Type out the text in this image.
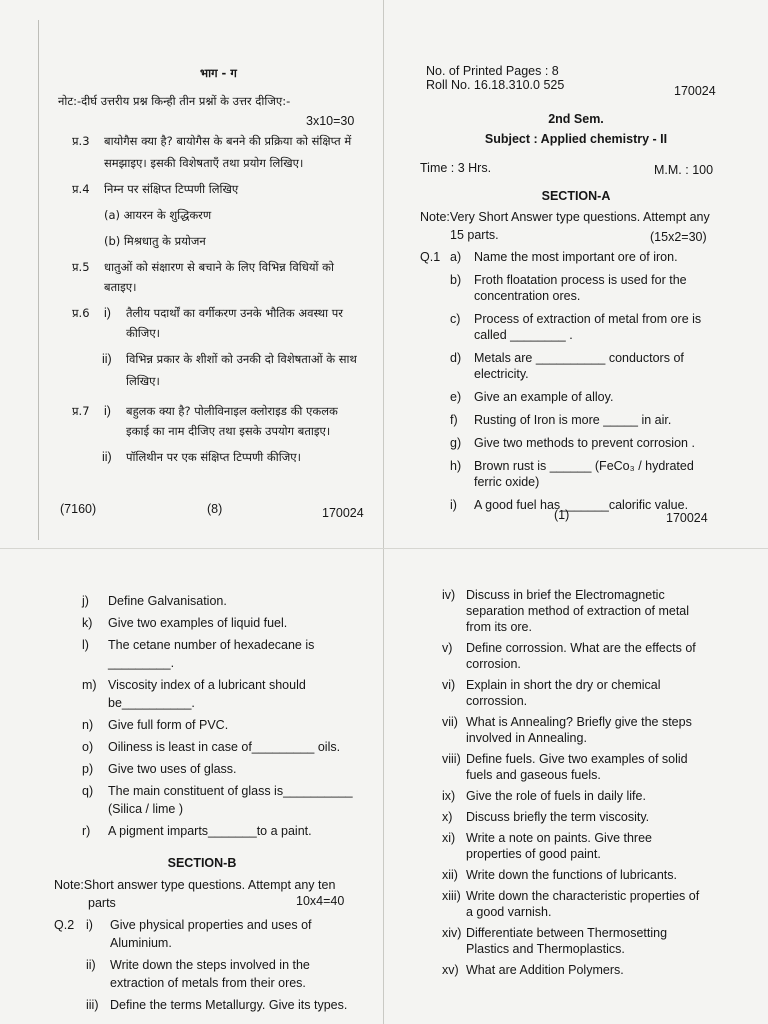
भाग - ग
नोट:-दीर्घ उत्तरीय प्रश्न किन्ही तीन प्रश्नों के उत्तर दीजिए:-
3x10=30
प्र.3 बायोगैस क्या है? बायोगैस के बनने की प्रक्रिया को संक्षिप्त में
समझाइए। इसकी विशेषताएँ तथा प्रयोग लिखिए।
प्र.4 निम्न पर संक्षिप्त टिप्पणी लिखिए
(a) आयरन के शुद्धिकरण
(b) मिश्रधातु के प्रयोजन
प्र.5 धातुओं को संक्षारण से बचाने के लिए विभिन्न विधियों को
बताइए।
प्र.6 i) तैलीय पदार्थों का वर्गीकरण उनके भौतिक अवस्था पर
कीजिए।
ii) विभिन्न प्रकार के शीशों को उनकी दो विशेषताओं के साथ
लिखिए।
प्र.7 i) बहुलक क्या है? पोलीविनाइल क्लोराइड की एकलक
इकाई का नाम दीजिए तथा इसके उपयोग बताइए।
ii) पॉलिथीन पर एक संक्षिप्त टिप्पणी कीजिए।
(7160)	(8)	170024
No. of Printed Pages : 8
Roll No. 16.18.310.0 525	170024
2nd Sem.
Subject : Applied chemistry - II
Time : 3 Hrs.	M.M. : 100
SECTION-A
Note:Very Short Answer type questions. Attempt any
15 parts.	(15x2=30)
Q.1 a) Name the most important ore of iron.
b) Froth floatation process is used for the
concentration ores.
c) Process of extraction of metal from ore is
called ________ .
d) Metals are __________ conductors of
electricity.
e) Give an example of alloy.
f) Rusting of Iron is more _____ in air.
g) Give two methods to prevent corrosion .
h) Brown rust is ______ (FeCo₃ / hydrated
ferric oxide)
i) A good fuel has_______calorific value.
(1)	170024
j) Define Galvanisation.
k) Give two examples of liquid fuel.
l) The cetane number of hexadecane is
_________.
m) Viscosity index of a lubricant should
be__________.
n) Give full form of PVC.
o) Oiliness is least in case of_________ oils.
p) Give two uses of glass.
q) The main constituent of glass is__________
(Silica / lime )
r) A pigment imparts_______to a paint.
SECTION-B
Note:Short answer type questions. Attempt any ten
parts	10x4=40
Q.2 i) Give physical properties and uses of
Aluminium.
ii) Write down the steps involved in the
extraction of metals from their ores.
iii) Define the terms Metallurgy. Give its types.
iv) Discuss in brief the Electromagnetic
separation method of extraction of metal
from its ore.
v) Define corrossion. What are the effects of
corrosion.
vi) Explain in short the dry or chemical
corrossion.
vii) What is Annealing? Briefly give the steps
involved in Annealing.
viii) Define fuels. Give two examples of solid
fuels and gaseous fuels.
ix) Give the role of fuels in daily life.
x) Discuss briefly the term viscosity.
xi) Write a note on paints. Give three
properties of good paint.
xii) Write down the functions of lubricants.
xiii) Write down the characteristic properties of
a good varnish.
xiv) Differentiate between Thermosetting
Plastics and Thermoplastics.
xv) What are Addition Polymers.
